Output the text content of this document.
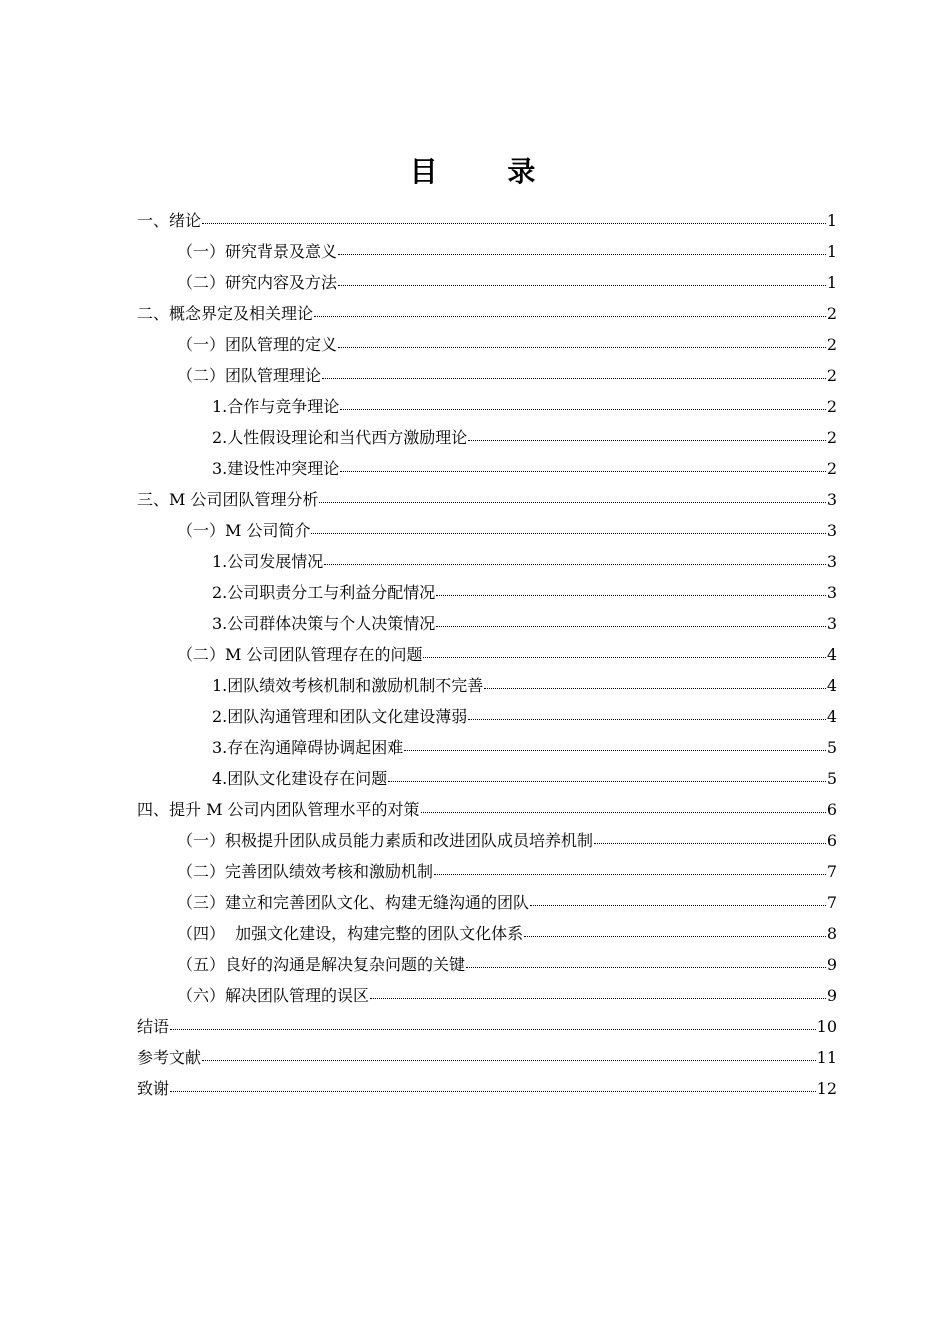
目 录
一、绪论	1
（一）研究背景及意义	1
（二）研究内容及方法	1
二、概念界定及相关理论	2
（一）团队管理的定义	2
（二）团队管理理论	2
1.合作与竞争理论	2
2.人性假设理论和当代西方激励理论	2
3.建设性冲突理论	2
三、M 公司团队管理分析	3
（一）M 公司简介	3
1.公司发展情况	3
2.公司职责分工与利益分配情况	3
3.公司群体决策与个人决策情况	3
（二）M 公司团队管理存在的问题	4
1.团队绩效考核机制和激励机制不完善	4
2.团队沟通管理和团队文化建设薄弱	4
3.存在沟通障碍协调起困难	5
4.团队文化建设存在问题	5
四、提升 M 公司内团队管理水平的对策	6
（一）积极提升团队成员能力素质和改进团队成员培养机制	6
（二）完善团队绩效考核和激励机制	7
（三）建立和完善团队文化、构建无缝沟通的团队	7
（四）  加强文化建设，构建完整的团队文化体系	8
（五）良好的沟通是解决复杂问题的关键	9
（六）解决团队管理的误区	9
结语	10
参考文献	11
致谢	12
